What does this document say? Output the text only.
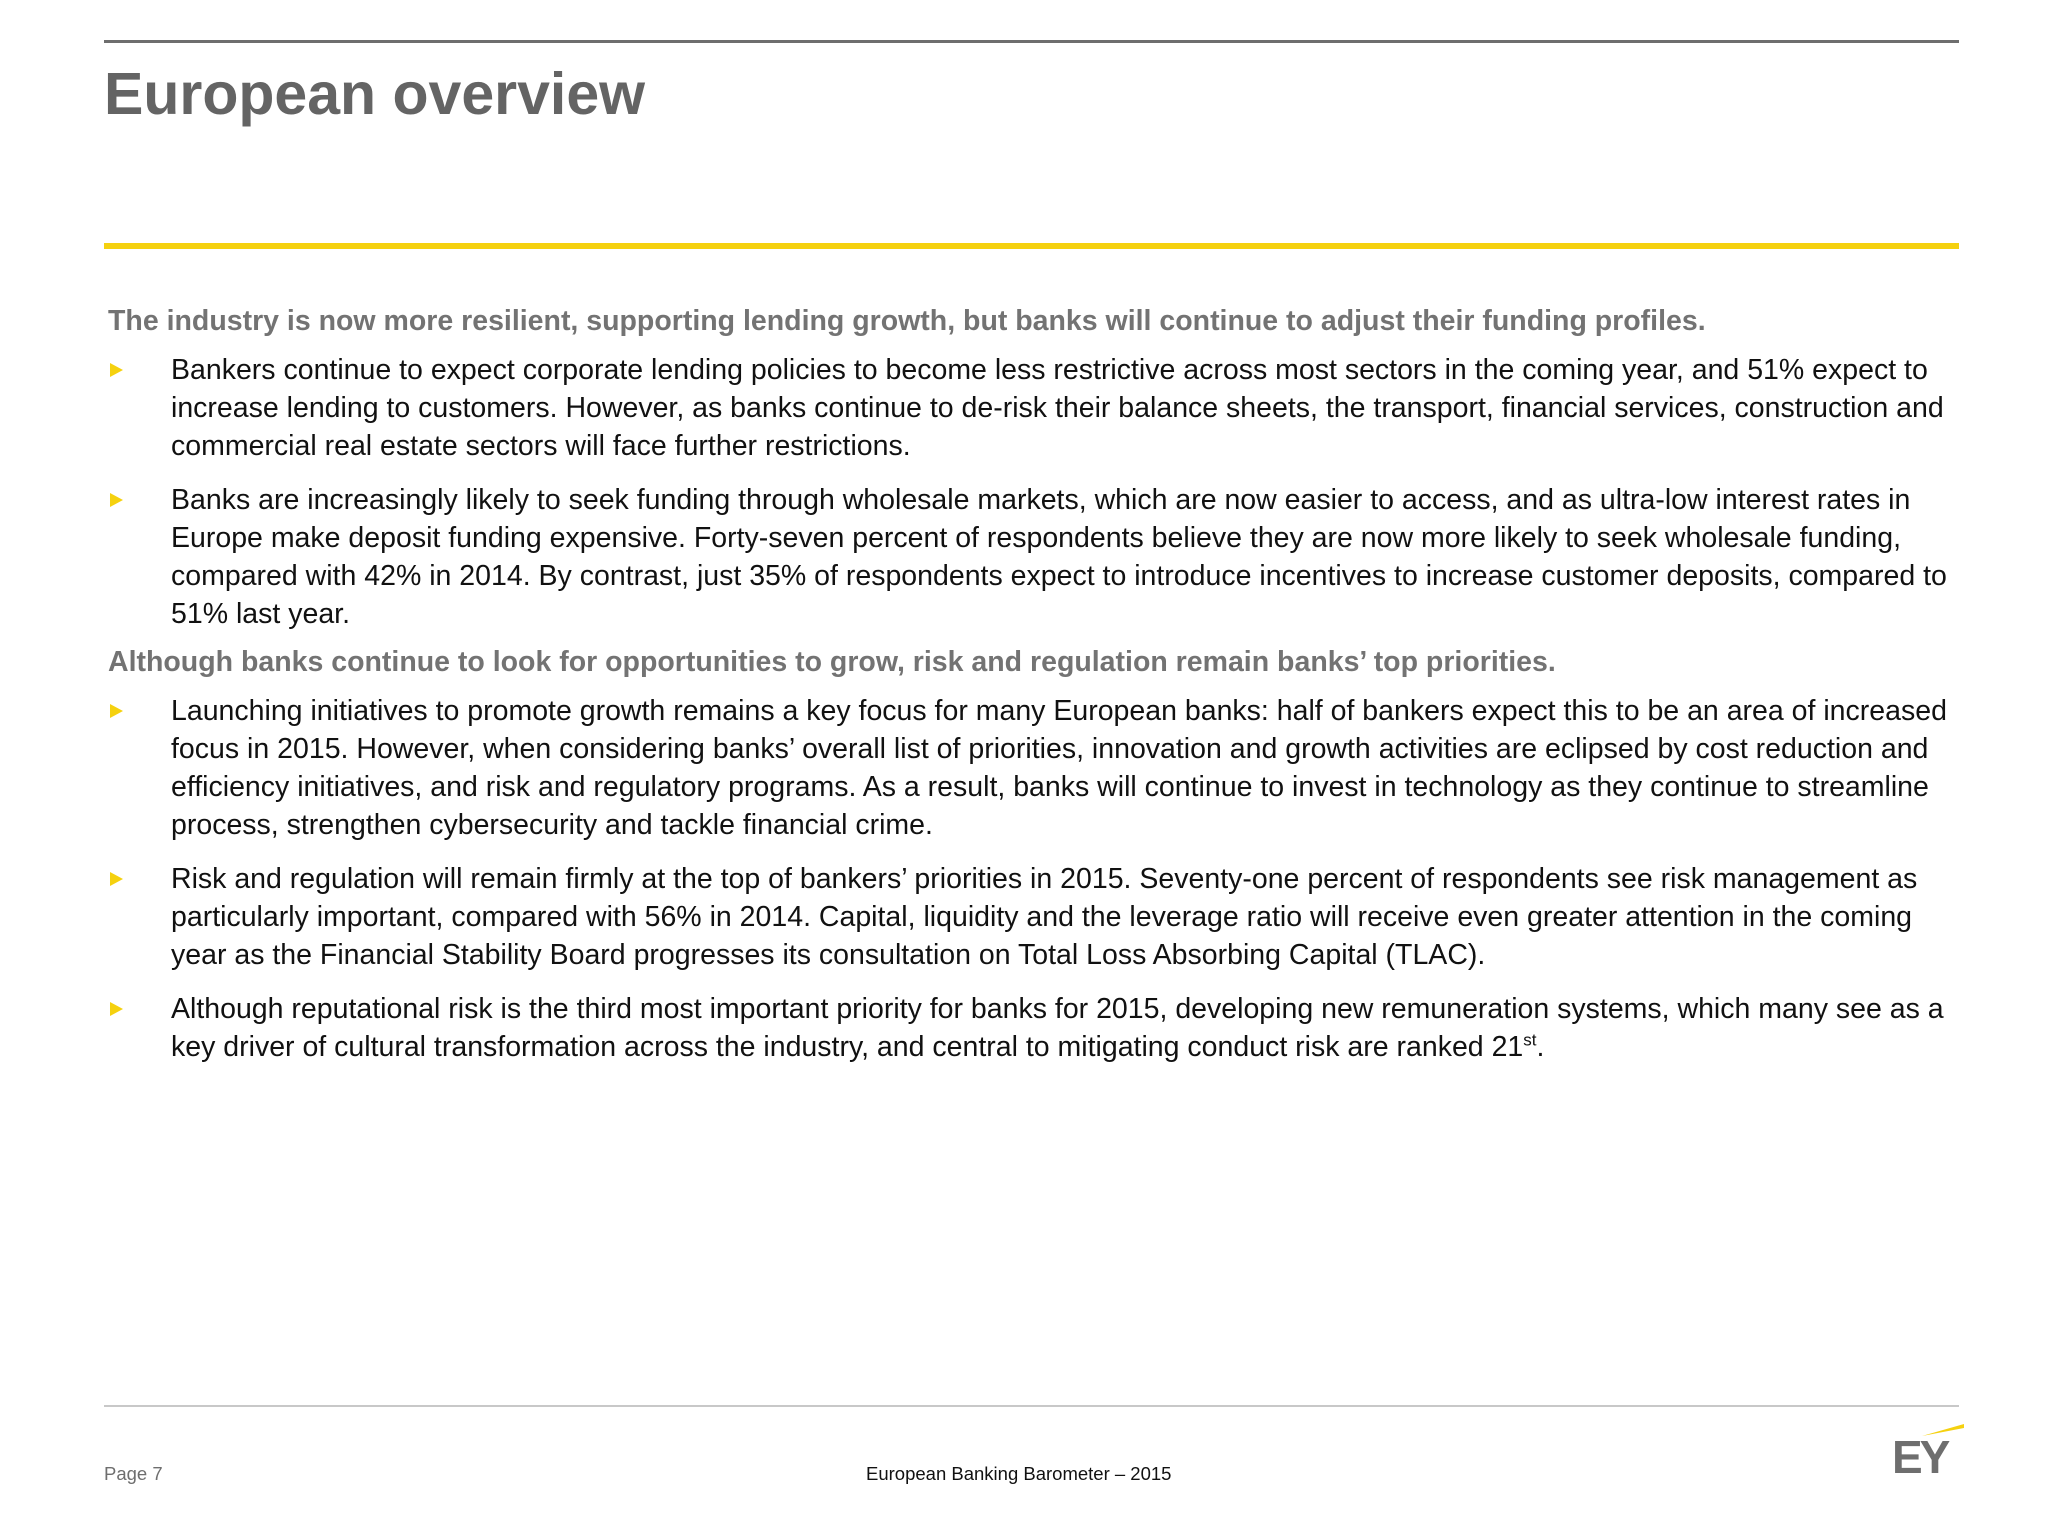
European overview

The industry is now more resilient, supporting lending growth, but banks will continue to adjust their funding profiles.

Bankers continue to expect corporate lending policies to become less restrictive across most sectors in the coming year, and 51% expect to increase lending to customers. However, as banks continue to de-risk their balance sheets, the transport, financial services, construction and commercial real estate sectors will face further restrictions.
Banks are increasingly likely to seek funding through wholesale markets, which are now easier to access, and as ultra-low interest rates in Europe make deposit funding expensive. Forty-seven percent of respondents believe they are now more likely to seek wholesale funding, compared with 42% in 2014. By contrast, just 35% of respondents expect to introduce incentives to increase customer deposits, compared to 51% last year.

Although banks continue to look for opportunities to grow, risk and regulation remain banks’ top priorities.

Launching initiatives to promote growth remains a key focus for many European banks: half of bankers expect this to be an area of increased focus in 2015. However, when considering banks’ overall list of priorities, innovation and growth activities are eclipsed by cost reduction and efficiency initiatives, and risk and regulatory programs. As a result, banks will continue to invest in technology as they continue to streamline process, strengthen cybersecurity and tackle financial crime.
Risk and regulation will remain firmly at the top of bankers’ priorities in 2015. Seventy-one percent of respondents see risk management as particularly important, compared with 56% in 2014. Capital, liquidity and the leverage ratio will receive even greater attention in the coming year as the Financial Stability Board progresses its consultation on Total Loss Absorbing Capital (TLAC).
Although reputational risk is the third most important priority for banks for 2015, developing new remuneration systems, which many see as a key driver of cultural transformation across the industry, and central to mitigating conduct risk are ranked 21st.
Page 7	European Banking Barometer – 2015	EY
